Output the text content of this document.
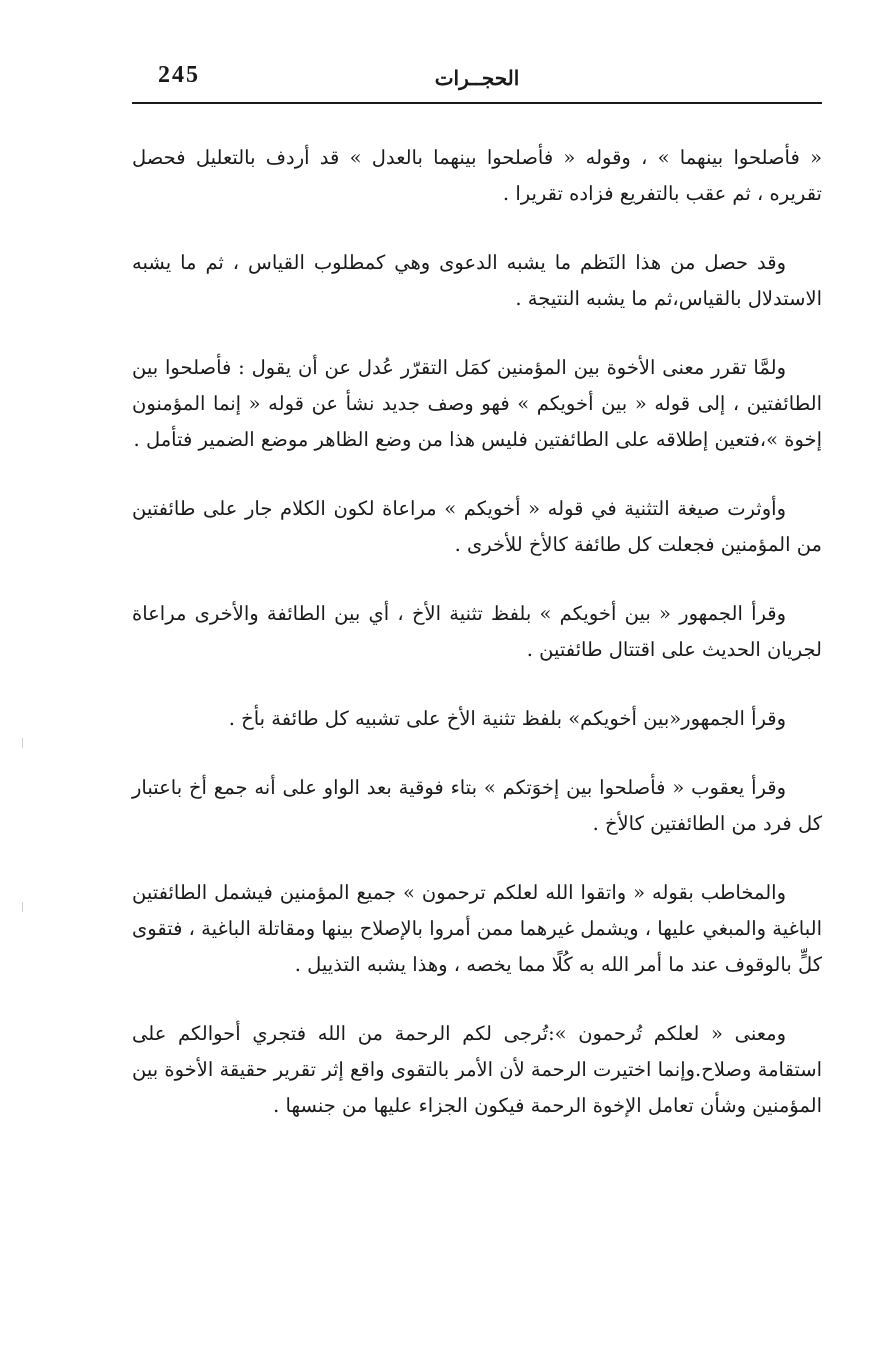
245	الحجــرات

« فأصلحوا بينهما » ، وقوله « فأصلحوا بينهما بالعدل » قد أردف بالتعليل فحصل تقريره ، ثم عقب بالتفريع فزاده تقريرا .

وقد حصل من هذا النَظم ما يشبه الدعوى وهي كمطلوب القياس ، ثم ما يشبه الاستدلال بالقياس،ثم ما يشبه النتيجة .

ولمَّا تقرر معنى الأخوة بين المؤمنين كمَل التقرّر عُدل عن أن يقول : فأصلحوا بين الطائفتين ، إلى قوله « بين أخويكم » فهو وصف جديد نشأ عن قوله « إنما المؤمنون إخوة »،فتعين إطلاقه على الطائفتين فليس هذا من وضع الظاهر موضع الضمير فتأمل .

وأوثرت صيغة التثنية في قوله « أخويكم » مراعاة لكون الكلام جار على طائفتين من المؤمنين فجعلت كل طائفة كالأخ للأخرى .

وقرأ الجمهور « بين أخويكم » بلفظ تثنية الأخ ، أي بين الطائفة والأخرى مراعاة لجريان الحديث على اقتتال طائفتين .

وقرأ الجمهور«بين أخويكم» بلفظ تثنية الأخ على تشبيه كل طائفة بأخ .

وقرأ يعقوب « فأصلحوا بين إخوَتكم » بتاء فوقية بعد الواو على أنه جمع أخ باعتبار كل فرد من الطائفتين كالأخ .

والمخاطب بقوله « واتقوا الله لعلكم ترحمون » جميع المؤمنين فيشمل الطائفتين الباغية والمبغي عليها ، ويشمل غيرهما ممن أمروا بالإصلاح بينها ومقاتلة الباغية ، فتقوى كلٍّ بالوقوف عند ما أمر الله به كُلًا مما يخصه ، وهذا يشبه التذييل .

ومعنى « لعلكم تُرحمون »:تُرجى لكم الرحمة من الله فتجري أحوالكم على استقامة وصلاح.وإنما اختيرت الرحمة لأن الأمر بالتقوى واقع إثر تقرير حقيقة الأخوة بين المؤمنين وشأن تعامل الإخوة الرحمة فيكون الجزاء عليها من جنسها .
